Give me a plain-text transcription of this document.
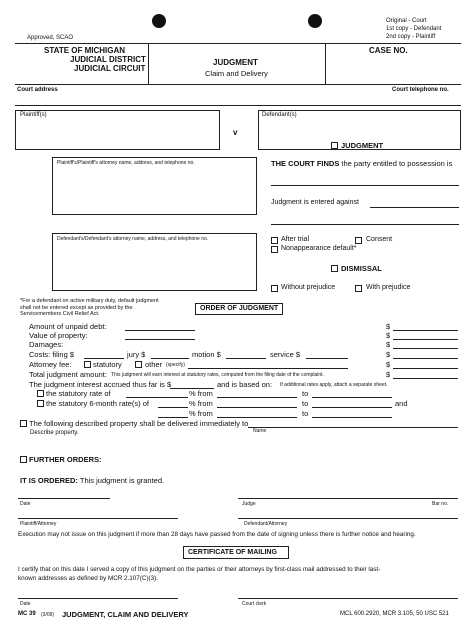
Original - Court
1st copy - Defendant
2nd copy - Plaintiff
Approved, SCAO
STATE OF MICHIGAN
JUDICIAL DISTRICT
JUDICIAL CIRCUIT
JUDGMENT
Claim and Delivery
CASE NO.
Court address	Court telephone no.
Plaintiff(s)
v
Defendant(s)
JUDGMENT
Plaintiff's/Plaintiff's attorney name, address, and telephone no.
Defendant's/Defendant's attorney name, address, and telephone no.
THE COURT FINDS the party entitled to possession is
Judgment is entered against
After trial	Consent
Nonappearance default*
DISMISSAL
Without prejudice	With prejudice
*For a defendant on active military duty, default judgment shall not be entered except as provided by the Servicemembers Civil Relief Act.
ORDER OF JUDGMENT
Amount of unpaid debt:	$
Value of property:	$
Damages:	$
Costs: filing $	jury $	motion $	service $	$
Attorney fee:	statutory	other (specify)	$
Total judgment amount: This judgment will earn interest at statutory rates, computed from the filing date of the complaint.	$
The judgment interest accrued thus far is $	and is based on: If additional rates apply, attach a separate sheet.
the statutory rate of	% from	to
the statutory 6-month rate(s) of	% from	to	and
% from	to
The following described property shall be delivered immediately to
Name
Describe property.
FURTHER ORDERS:
IT IS ORDERED: This judgment is granted.
Date	Judge	Bar no.
Plaintiff/Attorney	Defendant/Attorney
Execution may not issue on this judgment if more than 28 days have passed from the date of signing unless there is further notice and hearing.
CERTIFICATE OF MAILING
I certify that on this date I served a copy of this judgment on the parties or their attorneys by first-class mail addressed to their last-
known addresses as defined by MCR 2.107(C)(3).
Date	Court clerk
MC 39 (3/09) JUDGMENT, CLAIM AND DELIVERY	MCL 600.2920, MCR 3.105, 50 USC 521
